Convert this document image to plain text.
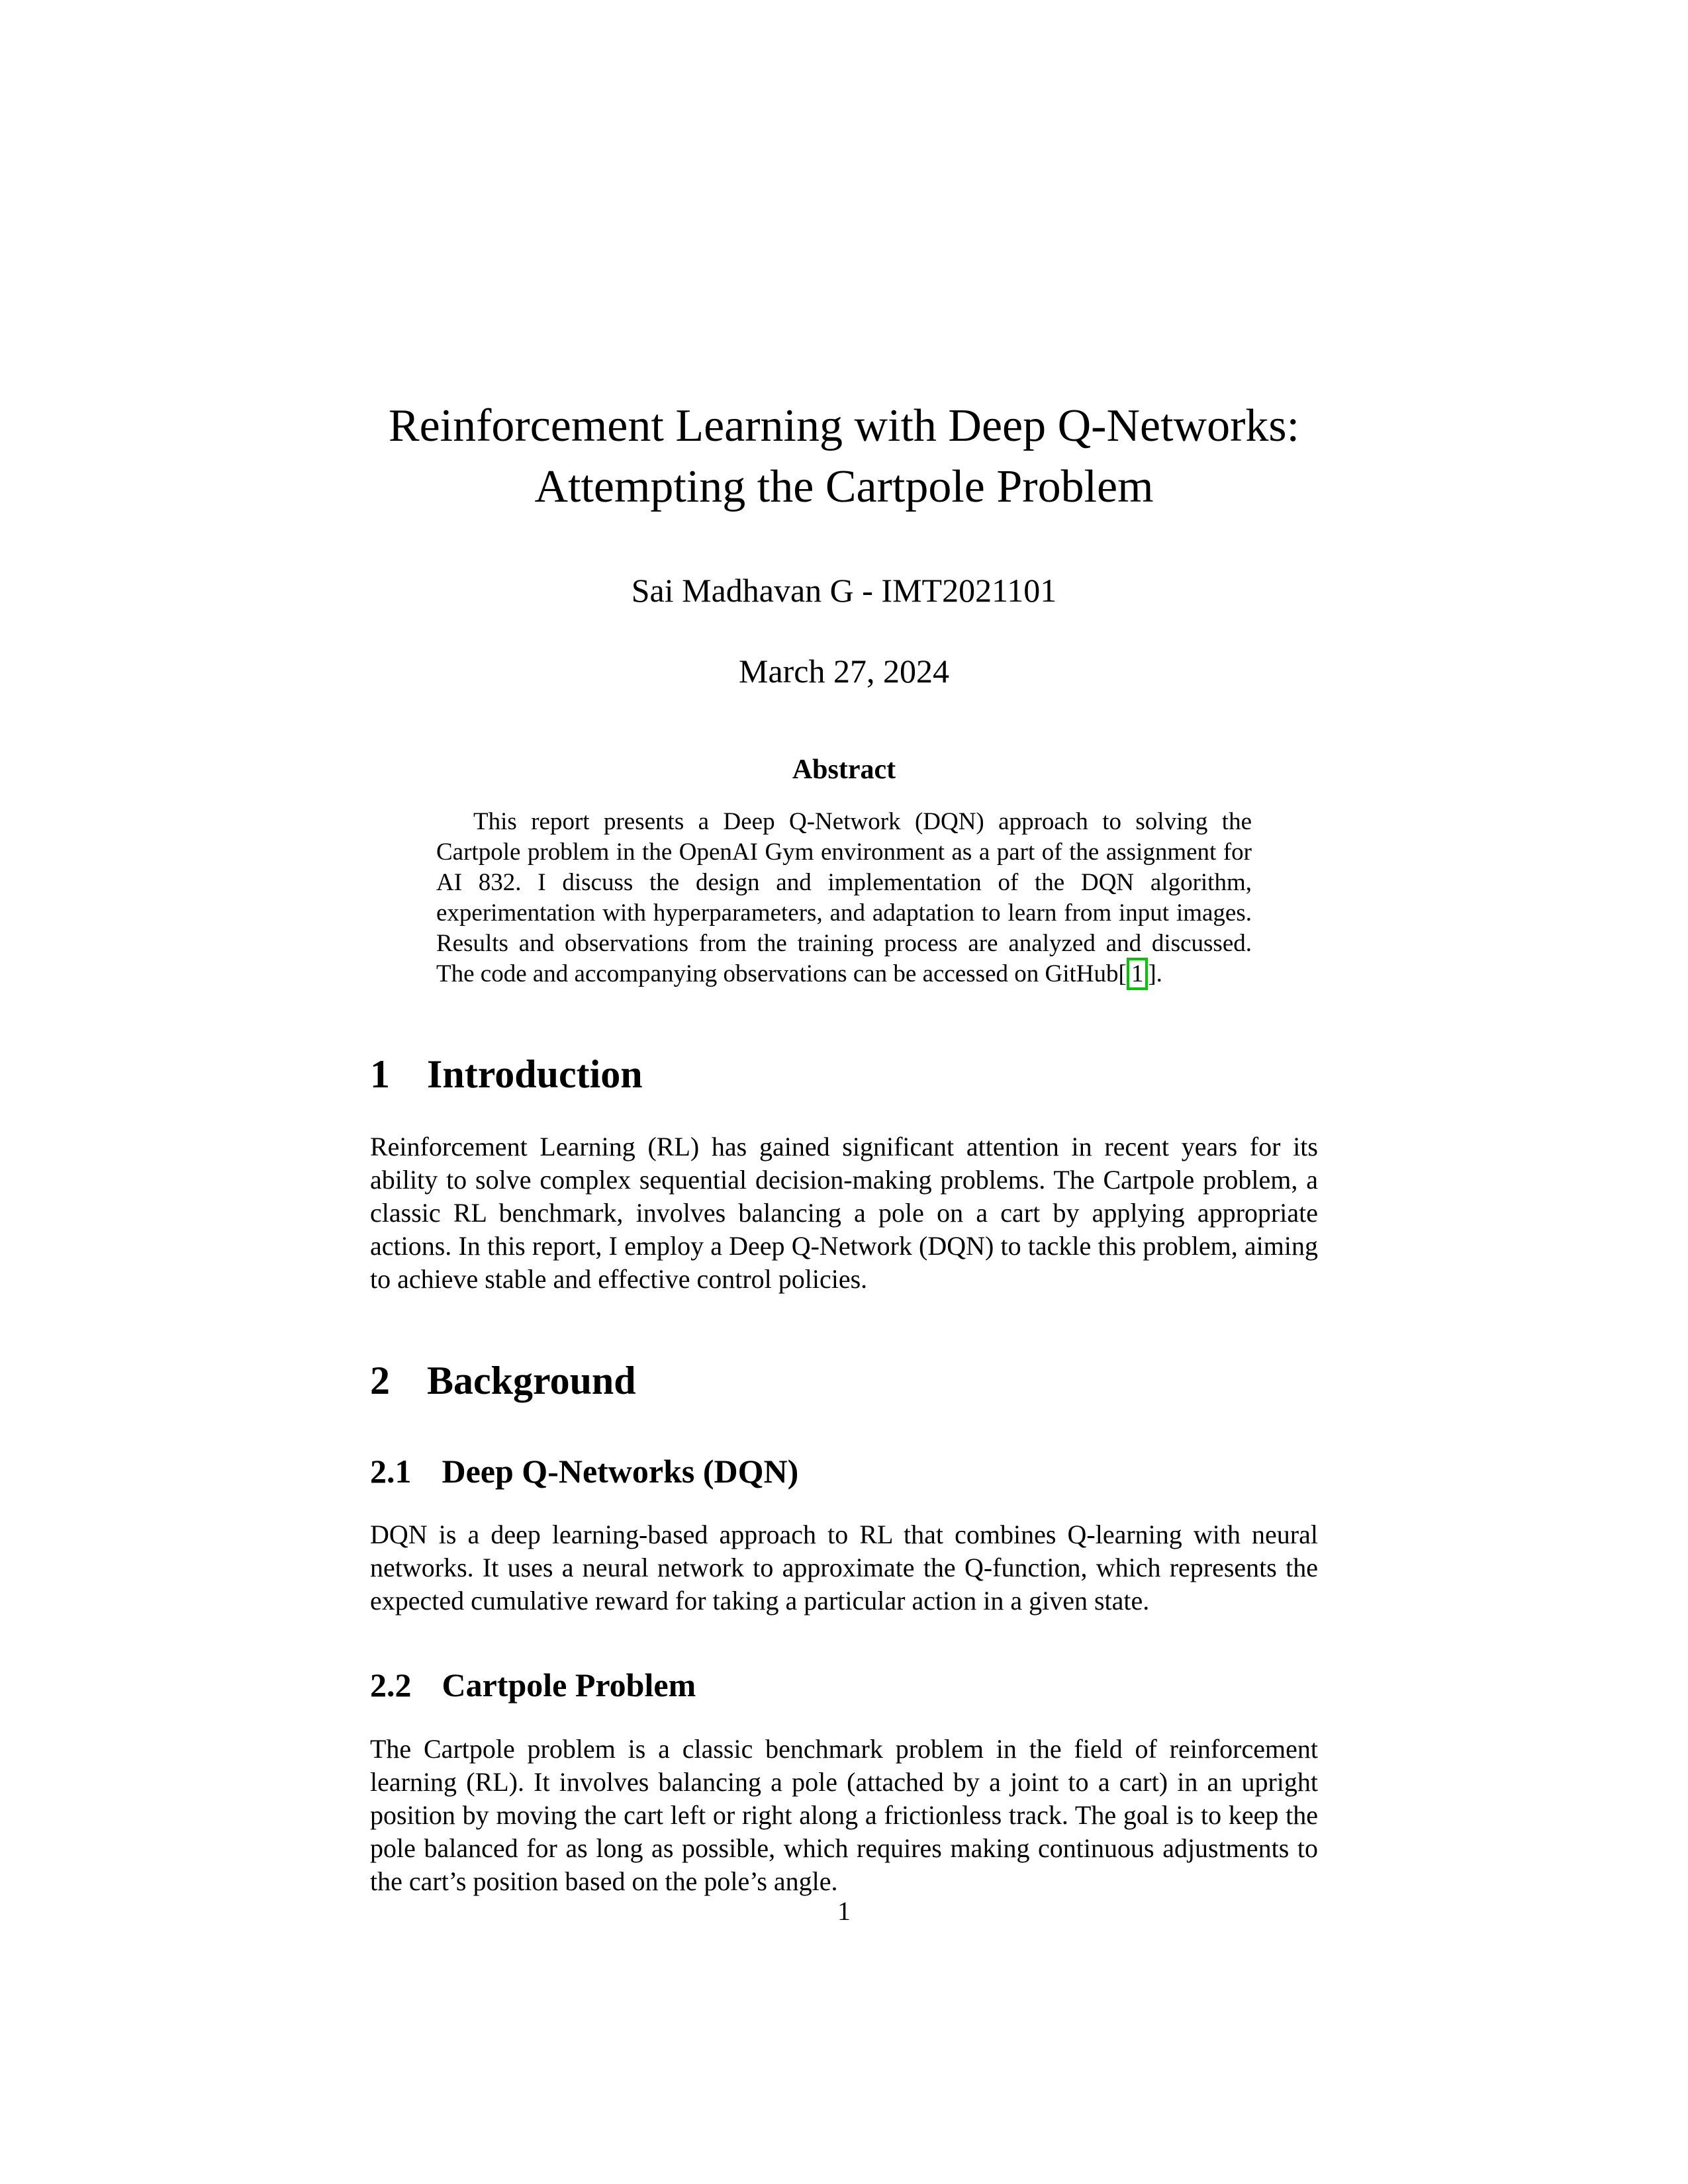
Reinforcement Learning with Deep Q-Networks:
Attempting the Cartpole Problem
Sai Madhavan G - IMT2021101
March 27, 2024
Abstract

This report presents a Deep Q-Network (DQN) approach to solving the Cartpole problem in the OpenAI Gym environment as a part of the assignment for AI 832. I discuss the design and implementation of the DQN algorithm, experimentation with hyperparameters, and adaptation to learn from input images. Results and observations from the training process are analyzed and discussed. The code and accompanying observations can be accessed on GitHub[ 1 ].

1 Introduction

Reinforcement Learning (RL) has gained significant attention in recent years for its ability to solve complex sequential decision-making problems. The Cartpole problem, a classic RL benchmark, involves balancing a pole on a cart by applying appropriate actions. In this report, I employ a Deep Q-Network (DQN) to tackle this problem, aiming to achieve stable and effective control policies.

2 Background
2.1 Deep Q-Networks (DQN)

DQN is a deep learning-based approach to RL that combines Q-learning with neural networks. It uses a neural network to approximate the Q-function, which represents the expected cumulative reward for taking a particular action in a given state.

2.2 Cartpole Problem

The Cartpole problem is a classic benchmark problem in the field of reinforcement learning (RL). It involves balancing a pole (attached by a joint to a cart) in an upright position by moving the cart left or right along a frictionless track. The goal is to keep the pole balanced for as long as possible, which requires making continuous adjustments to the cart’s position based on the pole’s angle.

1
